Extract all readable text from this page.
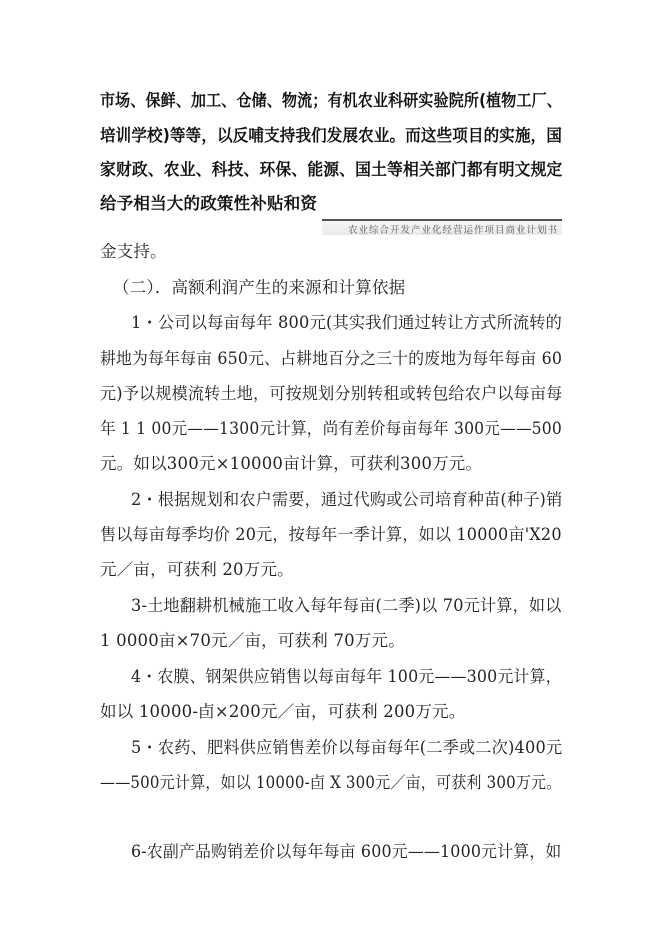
市场、保鲜、加工、仓储、物流；有机农业科研实验院所(植物工厂、
培训学校)等等，以反哺支持我们发展农业。而这些项目的实施，国
家财政、农业、科技、环保、能源、国土等相关部门都有明文规定
给予相当大的政策性补贴和资
农业综合开发产业化经营运作项目商业计划书
金支持。
（二）．高额利润产生的来源和计算依据
1・公司以每亩每年 800元(其实我们通过转让方式所流转的
耕地为每年每亩 650元、占耕地百分之三十的废地为每年每亩 60
元)予以规模流转土地，可按规划分别转租或转包给农户以每亩每
年 1 1 00元——1300元计算，尚有差价每亩每年 300元——500
元。如以300元×10000亩计算，可获利300万元。
2・根据规划和农户需要，通过代购或公司培育种苗(种子)销
售以每亩每季均价 20元，按每年一季计算，如以 10000亩'X20
元／亩，可获利 20万元。
3-土地翻耕机械施工收入每年每亩(二季)以 70元计算，如以
1 0000亩×70元／亩，可获利 70万元。
4・农膜、钢架供应销售以每亩每年 100元——300元计算，
如以 10000-卣×200元／亩，可获利 200万元。
5・农药、肥料供应销售差价以每亩每年(二季或二次)400元
——500元计算，如以 10000-卣 X 300元／亩，可获利 300万元。
6-农副产品购销差价以每年每亩 600元——1000元计算，如
